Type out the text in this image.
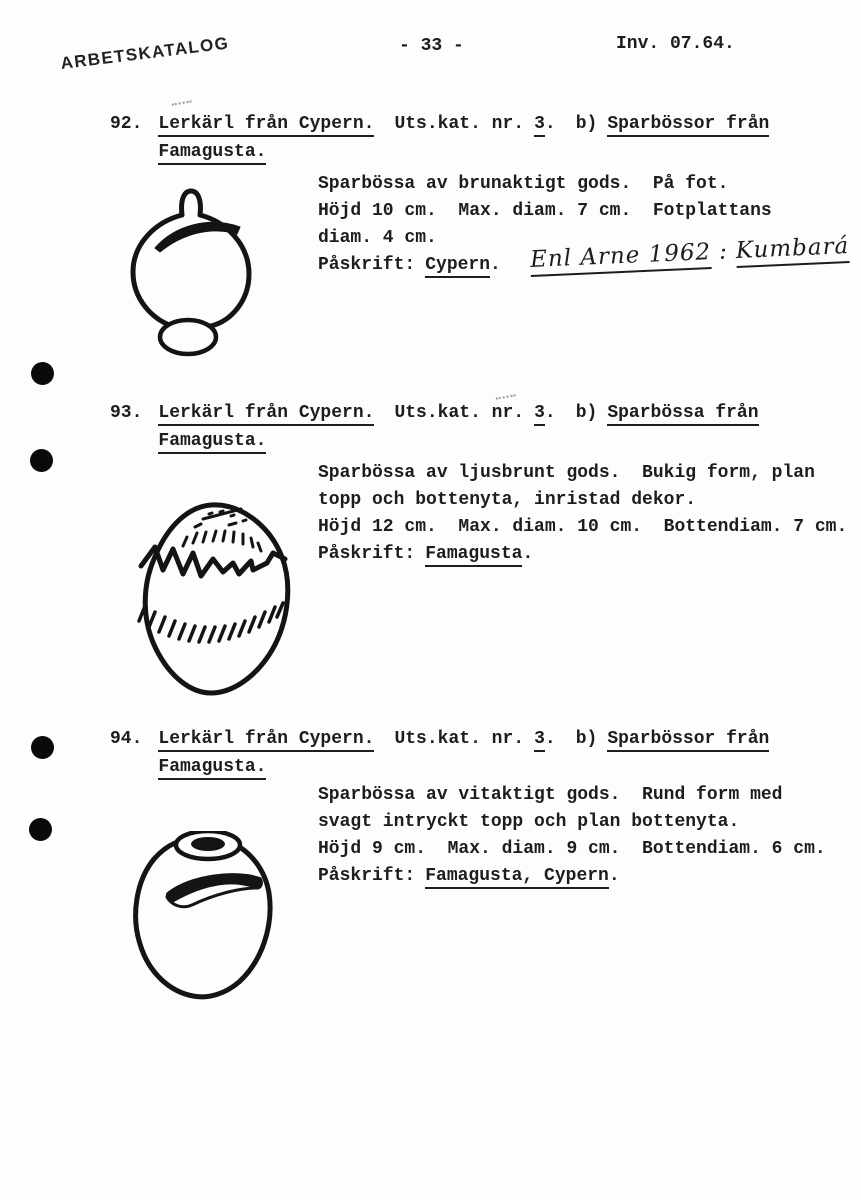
ARBETSKATALOG	- 33 -	Inv. 07.64.
92. Lerkärl från Cypern. Uts.kat. nr. 3. b) Sparbössor från
Famagusta.
Sparbössa av brunaktigt gods.  På fot.
Höjd 10 cm.  Max. diam. 7 cm.  Fotplattans
diam. 4 cm.
Påskrift: Cypern.	Enl Arne 1962 : Kumbará
93. Lerkärl från Cypern. Uts.kat. nr. 3. b) Sparbössa från
Famagusta.
Sparbössa av ljusbrunt gods.  Bukig form, plan
topp och bottenyta, inristad dekor.
Höjd 12 cm.  Max. diam. 10 cm.  Bottendiam. 7 cm.
Påskrift: Famagusta.
94. Lerkärl från Cypern. Uts.kat. nr. 3. b) Sparbössor från
Famagusta.
Sparbössa av vitaktigt gods.  Rund form med
svagt intryckt topp och plan bottenyta.
Höjd 9 cm.  Max. diam. 9 cm.  Bottendiam. 6 cm.
Påskrift: Famagusta, Cypern.
